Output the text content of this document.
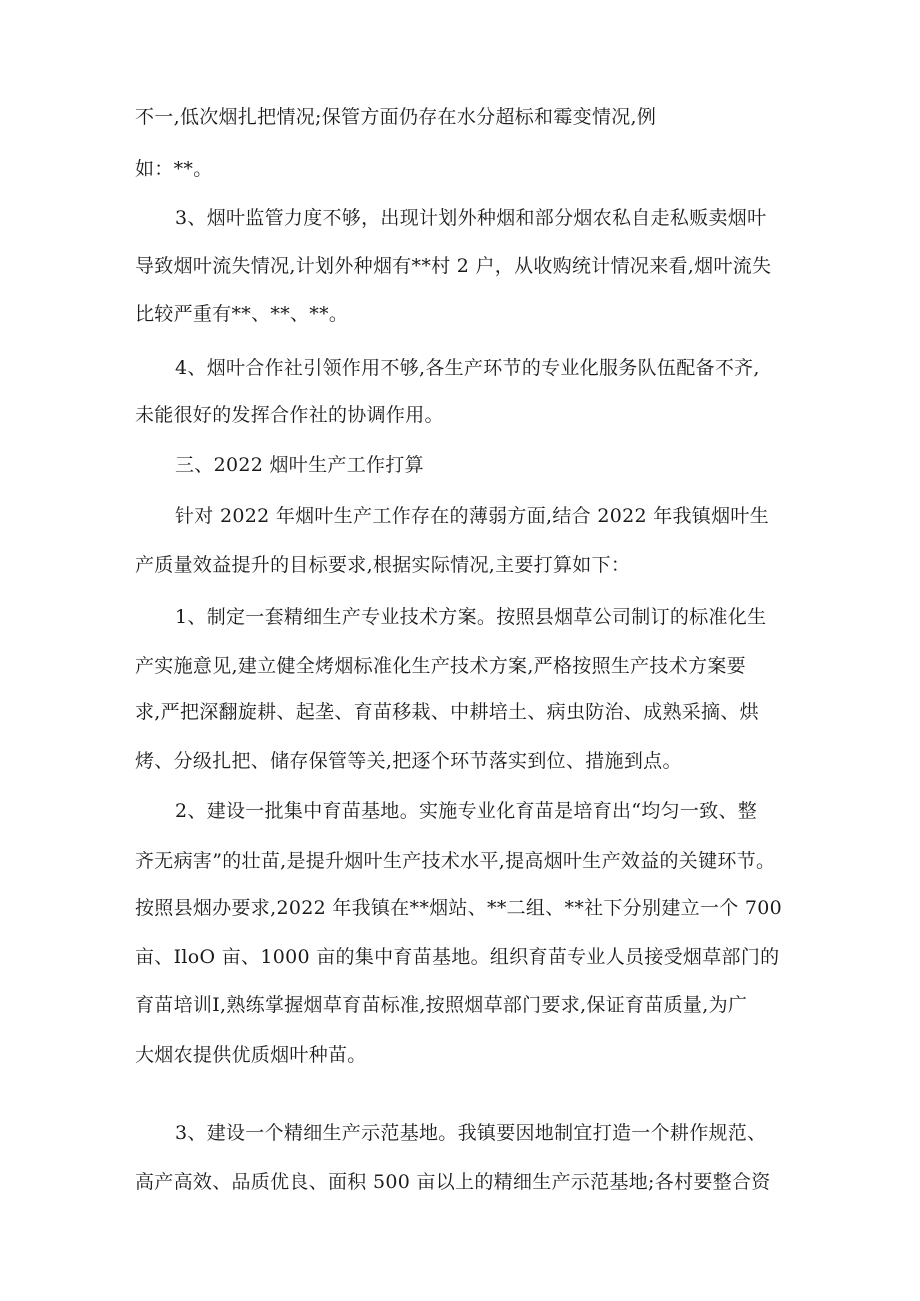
不一,低次烟扎把情况;保管方面仍存在水分超标和霉变情况,例
如：**。
3、烟叶监管力度不够，出现计划外种烟和部分烟农私自走私贩卖烟叶
导致烟叶流失情况,计划外种烟有**村 2 户，从收购统计情况来看,烟叶流失
比较严重有**、**、**。
4、烟叶合作社引领作用不够,各生产环节的专业化服务队伍配备不齐,
未能很好的发挥合作社的协调作用。
三、2022 烟叶生产工作打算
针对 2022 年烟叶生产工作存在的薄弱方面,结合 2022 年我镇烟叶生
产质量效益提升的目标要求,根据实际情况,主要打算如下：
1、制定一套精细生产专业技术方案。按照县烟草公司制订的标准化生
产实施意见,建立健全烤烟标准化生产技术方案,严格按照生产技术方案要
求,严把深翻旋耕、起垄、育苗移栽、中耕培土、病虫防治、成熟采摘、烘
烤、分级扎把、储存保管等关,把逐个环节落实到位、措施到点。
2、建设一批集中育苗基地。实施专业化育苗是培育出“均匀一致、整
齐无病害”的壮苗,是提升烟叶生产技术水平,提高烟叶生产效益的关键环节。
按照县烟办要求,2022 年我镇在**烟站、**二组、**社下分别建立一个 700
亩、IloO 亩、1000 亩的集中育苗基地。组织育苗专业人员接受烟草部门的
育苗培训I,熟练掌握烟草育苗标准,按照烟草部门要求,保证育苗质量,为广
大烟农提供优质烟叶种苗。
3、建设一个精细生产示范基地。我镇要因地制宜打造一个耕作规范、
高产高效、品质优良、面积 500 亩以上的精细生产示范基地;各村要整合资
